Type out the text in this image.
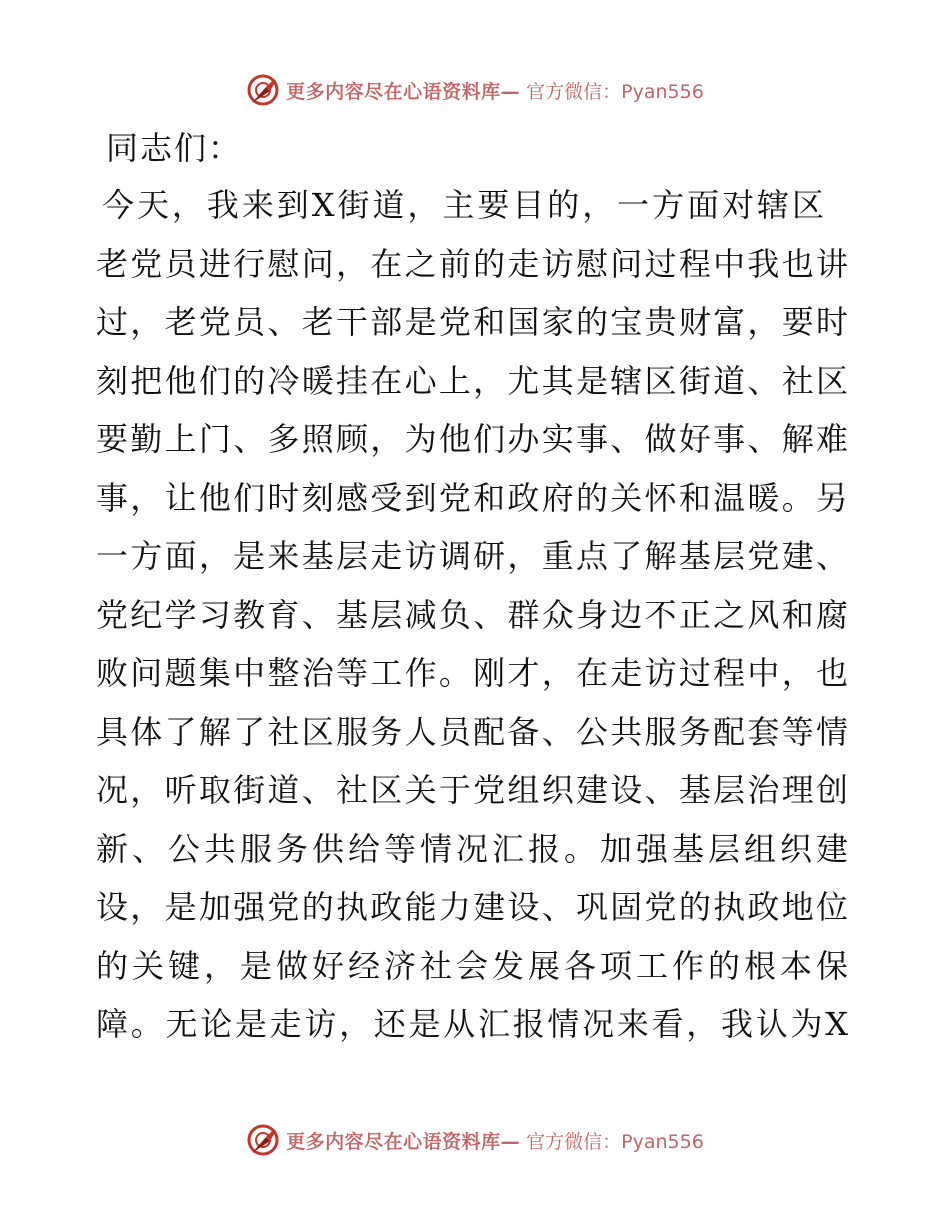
更多内容尽在心语资料库— 官方微信：Pyan556
同志们：
今天，我来到X街道，主要目的，一方面对辖区
老党员进行慰问，在之前的走访慰问过程中我也讲
过，老党员、老干部是党和国家的宝贵财富，要时
刻把他们的冷暖挂在心上，尤其是辖区街道、社区
要勤上门、多照顾，为他们办实事、做好事、解难
事，让他们时刻感受到党和政府的关怀和温暖。另
一方面，是来基层走访调研，重点了解基层党建、
党纪学习教育、基层减负、群众身边不正之风和腐
败问题集中整治等工作。刚才，在走访过程中，也
具体了解了社区服务人员配备、公共服务配套等情
况，听取街道、社区关于党组织建设、基层治理创
新、公共服务供给等情况汇报。加强基层组织建
设，是加强党的执政能力建设、巩固党的执政地位
的关键，是做好经济社会发展各项工作的根本保
障。无论是走访，还是从汇报情况来看，我认为X
更多内容尽在心语资料库— 官方微信：Pyan556
